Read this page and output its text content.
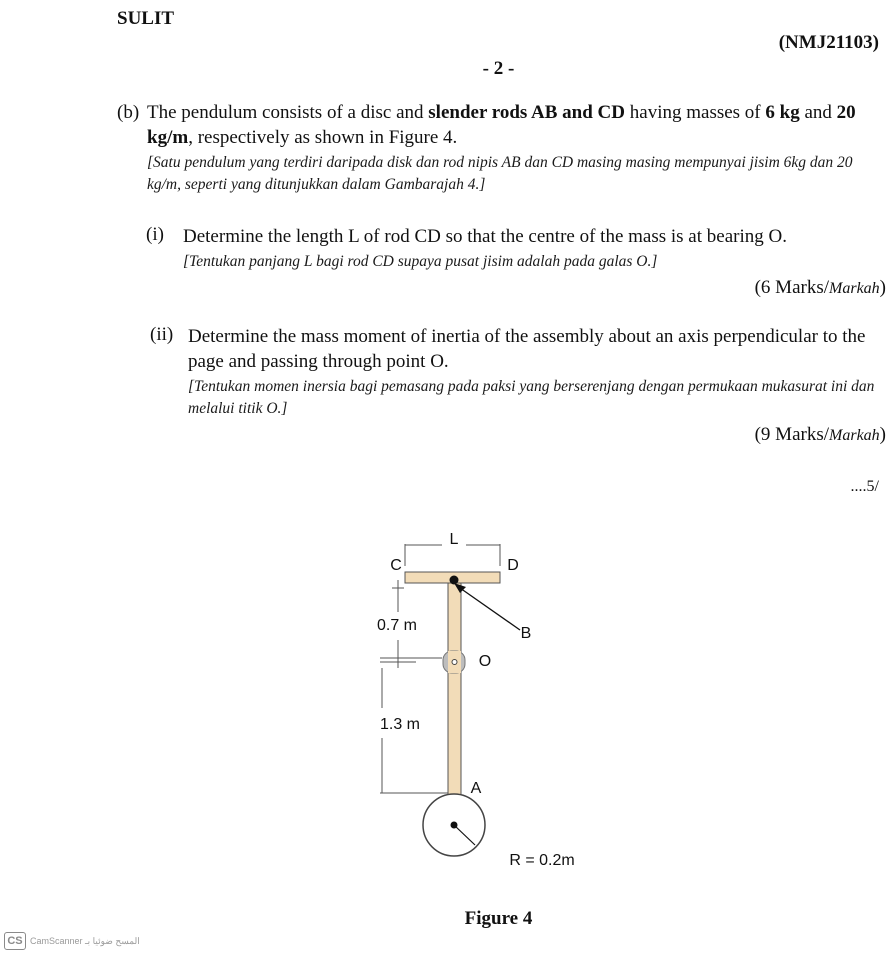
SULIT
(NMJ21103)
- 2 -
(b) The pendulum consists of a disc and slender rods AB and CD having masses of 6 kg and 20 kg/m, respectively as shown in Figure 4.
[Satu pendulum yang terdiri daripada disk dan rod nipis AB dan CD masing masing mempunyai jisim 6kg dan 20 kg/m, seperti yang ditunjukkan dalam Gambarajah 4.]
(i) Determine the length L of rod CD so that the centre of the mass is at bearing O.
[Tentukan panjang L bagi rod CD supaya pusat jisim adalah pada galas O.]
(6 Marks/Markah)
(ii) Determine the mass moment of inertia of the assembly about an axis perpendicular to the page and passing through point O.
[Tentukan momen inersia bagi pemasang pada paksi yang berserenjang dengan permukaan mukasurat ini dan melalui titik O.]
(9 Marks/Markah)
....5/
L
C	D
B
O
A
0.7 m
1.3 m
R = 0.2m
Figure 4
CS CamScanner المسح ضوئيا بـ
